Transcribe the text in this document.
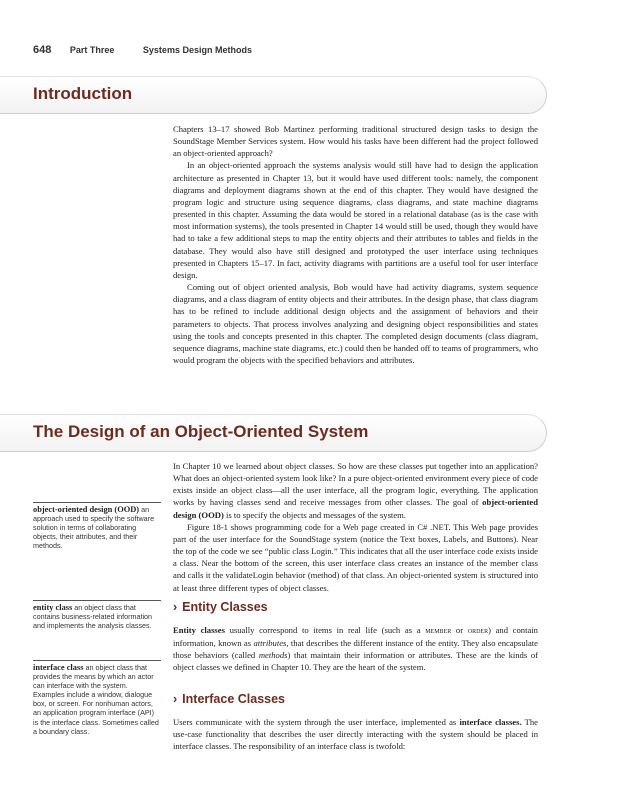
648 Part Three	Systems Design Methods
Introduction

Chapters 13–17 showed Bob Martinez performing traditional structured design tasks to design the SoundStage Member Services system. How would his tasks have been different had the project followed an object-oriented approach?

In an object-oriented approach the systems analysis would still have had to design the application architecture as presented in Chapter 13, but it would have used different tools: namely, the component diagrams and deployment diagrams shown at the end of this chapter. They would have designed the program logic and structure using sequence diagrams, class diagrams, and state machine diagrams presented in this chapter. Assuming the data would be stored in a relational database (as is the case with most information systems), the tools presented in Chapter 14 would still be used, though they would have had to take a few additional steps to map the entity objects and their attributes to tables and fields in the database. They would also have still designed and prototyped the user interface using techniques presented in Chapters 15–17. In fact, activity diagrams with partitions are a useful tool for user interface design.

Coming out of object oriented analysis, Bob would have had activity diagrams, system sequence diagrams, and a class diagram of entity objects and their attributes. In the design phase, that class diagram has to be refined to include additional design objects and the assignment of behaviors and their parameters to objects. That process involves analyzing and designing object responsibilities and states using the tools and concepts presented in this chapter. The completed design documents (class diagram, sequence diagrams, machine state diagrams, etc.) could then be handed off to teams of programmers, who would program the objects with the specified behaviors and attributes.

The Design of an Object-Oriented System

In Chapter 10 we learned about object classes. So how are these classes put together into an application? What does an object-oriented system look like? In a pure object-oriented environment every piece of code exists inside an object class—all the user interface, all the program logic, everything. The application works by having classes send and receive messages from other classes. The goal of object-oriented design (OOD) is to specify the objects and messages of the system.

Figure 18-1 shows programming code for a Web page created in C# .NET. This Web page provides part of the user interface for the SoundStage system (notice the Text boxes, Labels, and Buttons). Near the top of the code we see “public class Login.” This indicates that all the user interface code exists inside a class. Near the bottom of the screen, this user interface class creates an instance of the member class and calls it the validateLogin behavior (method) of that class. An object-oriented system is structured into at least three different types of object classes.

object-oriented design (OOD) an approach used to specify the software solution in terms of collaborating objects, their attributes, and their methods.
› Entity Classes

Entity classes usually correspond to items in real life (such as a member or order) and contain information, known as attributes, that describes the different instance of the entity. They also encapsulate those behaviors (called methods) that maintain their information or attributes. These are the kinds of object classes we defined in Chapter 10. They are the heart of the system.

entity class an object class that contains business-related information and implements the analysis classes.
› Interface Classes

Users communicate with the system through the user interface, implemented as interface classes. The use-case functionality that describes the user directly interacting with the system should be placed in interface classes. The responsibility of an interface class is twofold:

interface class an object class that provides the means by which an actor can interface with the system. Examples include a window, dialogue box, or screen. For nonhuman actors, an application program interface (API) is the interface class. Sometimes called a boundary class.
